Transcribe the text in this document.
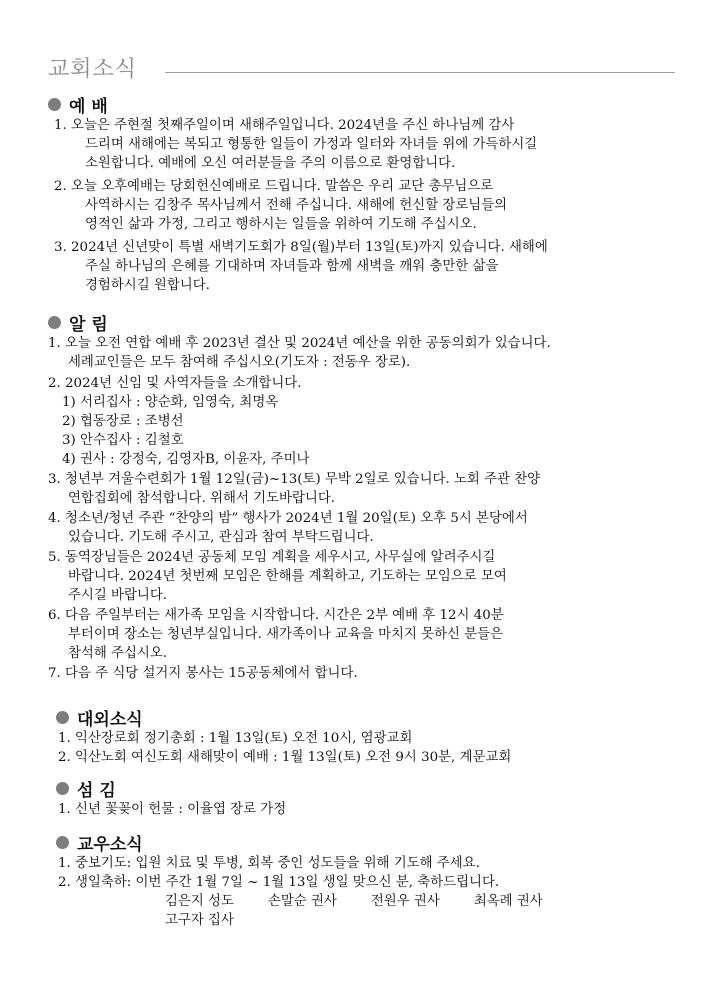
교회소식
예 배
1. 오늘은 주현절 첫째주일이며 새해주일입니다. 2024년을 주신 하나님께 감사
드리며 새해에는 복되고 형통한 일들이 가정과 일터와 자녀들 위에 가득하시길
소원합니다. 예배에 오신 여러분들을 주의 이름으로 환영합니다.
2. 오늘 오후예배는 당회헌신예배로 드립니다. 말씀은 우리 교단 총무님으로
사역하시는 김창주 목사님께서 전해 주십니다. 새해에 헌신할 장로님들의
영적인 삶과 가정, 그리고 행하시는 일들을 위하여 기도해 주십시오.
3. 2024년 신년맞이 특별 새벽기도회가 8일(월)부터 13일(토)까지 있습니다. 새해에
주실 하나님의 은혜를 기대하며 자녀들과 함께 새벽을 깨워 충만한 삶을
경험하시길 원합니다.
알 림
1. 오늘 오전 연합 예배 후 2023년 결산 및 2024년 예산을 위한 공동의회가 있습니다.
세례교인들은 모두 참여해 주십시오(기도자 : 전동우 장로).
2. 2024년 신임 및 사역자들을 소개합니다.
1) 서리집사 : 양순화, 임영숙, 최명옥
2) 협동장로 : 조병선
3) 안수집사 : 김철호
4) 권사 : 강정숙, 김영자B, 이윤자, 주미나
3. 청년부 겨울수련회가 1월 12일(금)~13(토) 무박 2일로 있습니다. 노회 주관 찬양
연합집회에 참석합니다. 위해서 기도바랍니다.
4. 청소년/청년 주관 “찬양의 밤” 행사가 2024년 1월 20일(토) 오후 5시 본당에서
있습니다. 기도해 주시고, 관심과 참여 부탁드립니다.
5. 동역장님들은 2024년 공동체 모임 계획을 세우시고, 사무실에 알려주시길
바랍니다. 2024년 첫번째 모임은 한해를 계획하고, 기도하는 모임으로 모여
주시길 바랍니다.
6. 다음 주일부터는 새가족 모임을 시작합니다. 시간은 2부 예배 후 12시 40분
부터이며 장소는 청년부실입니다. 새가족이나 교육을 마치지 못하신 분들은
참석해 주십시오.
7. 다음 주 식당 설거지 봉사는 15공동체에서 합니다.
대외소식
1. 익산장로회 정기총회 : 1월 13일(토) 오전 10시, 염광교회
2. 익산노회 여신도회 새해맞이 예배 : 1월 13일(토) 오전 9시 30분, 계문교회
섬 김
1. 신년 꽃꽂이 헌물 : 이율엽 장로 가정
교우소식
1. 중보기도: 입원 치료 및 투병, 회복 중인 성도들을 위해 기도해 주세요.
2. 생일축하: 이번 주간 1월 7일 ~ 1월 13일 생일 맞으신 분, 축하드립니다.
김은지 성도	손말순 권사	전원우 권사	최옥례 권사
고구자 집사
